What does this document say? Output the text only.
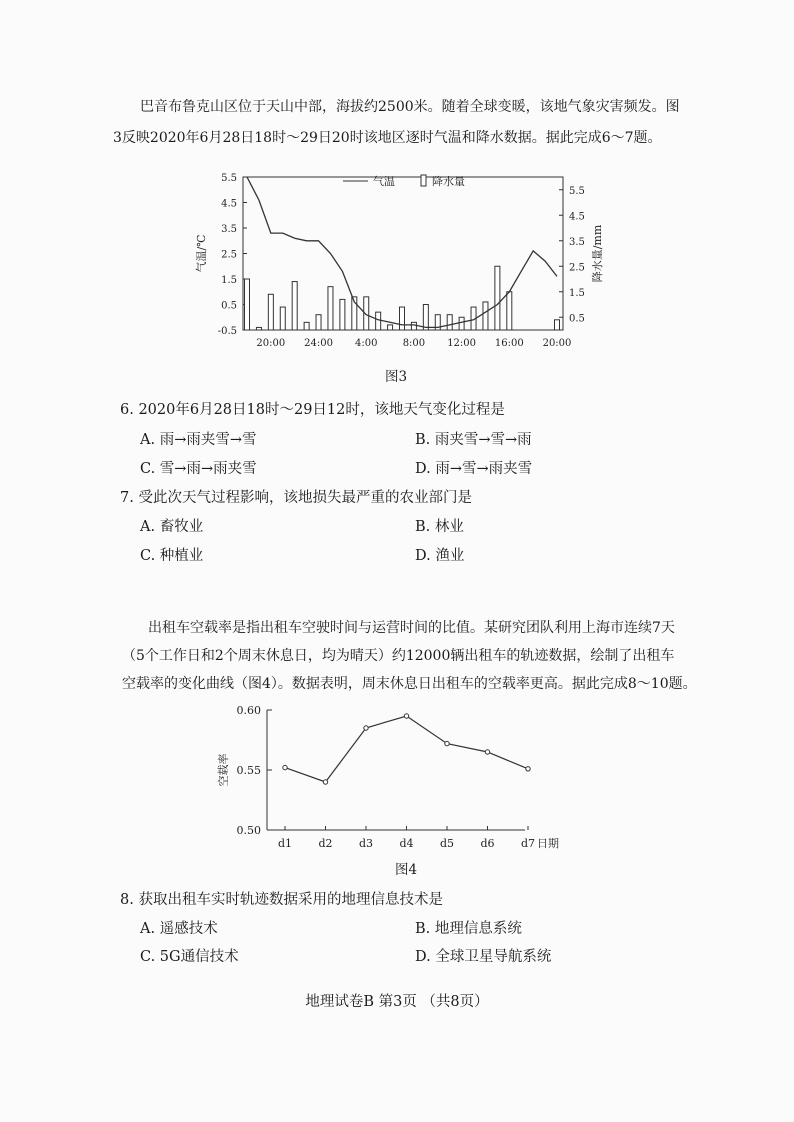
巴音布鲁克山区位于天山中部，海拔约2500米。随着全球变暖，该地气象灾害频发。图

3反映2020年6月28日18时～29日20时该地区逐时气温和降水数据。据此完成6～7题。

5.5
4.5
3.5
2.5
1.5
0.5
-0.5
5.5
4.5
3.5
2.5
1.5
0.5
20:00 24:00 4:00	8:00 12:00 16:00 20:00
气温/℃	降水量/mm
气温	降水量
图3
6. 2020年6月28日18时～29日12时，该地天气变化过程是
A. 雨→雨夹雪→雪	B. 雨夹雪→雪→雨
C. 雪→雨→雨夹雪	D. 雨→雪→雨夹雪
7. 受此次天气过程影响，该地损失最严重的农业部门是
A. 畜牧业	B. 林业
C. 种植业	D. 渔业

出租车空载率是指出租车空驶时间与运营时间的比值。某研究团队利用上海市连续7天

（5个工作日和2个周末休息日，均为晴天）约12000辆出租车的轨迹数据，绘制了出租车

空载率的变化曲线（图4）。数据表明，周末休息日出租车的空载率更高。据此完成8～10题。

0.60
0.55
0.50
d1 d2 d3 d4 d5 d6 d7 日期
空载率
图4
8. 获取出租车实时轨迹数据采用的地理信息技术是
A. 遥感技术	B. 地理信息系统
C. 5G通信技术	D. 全球卫星导航系统
地理试卷B 第3页 （共8页）
